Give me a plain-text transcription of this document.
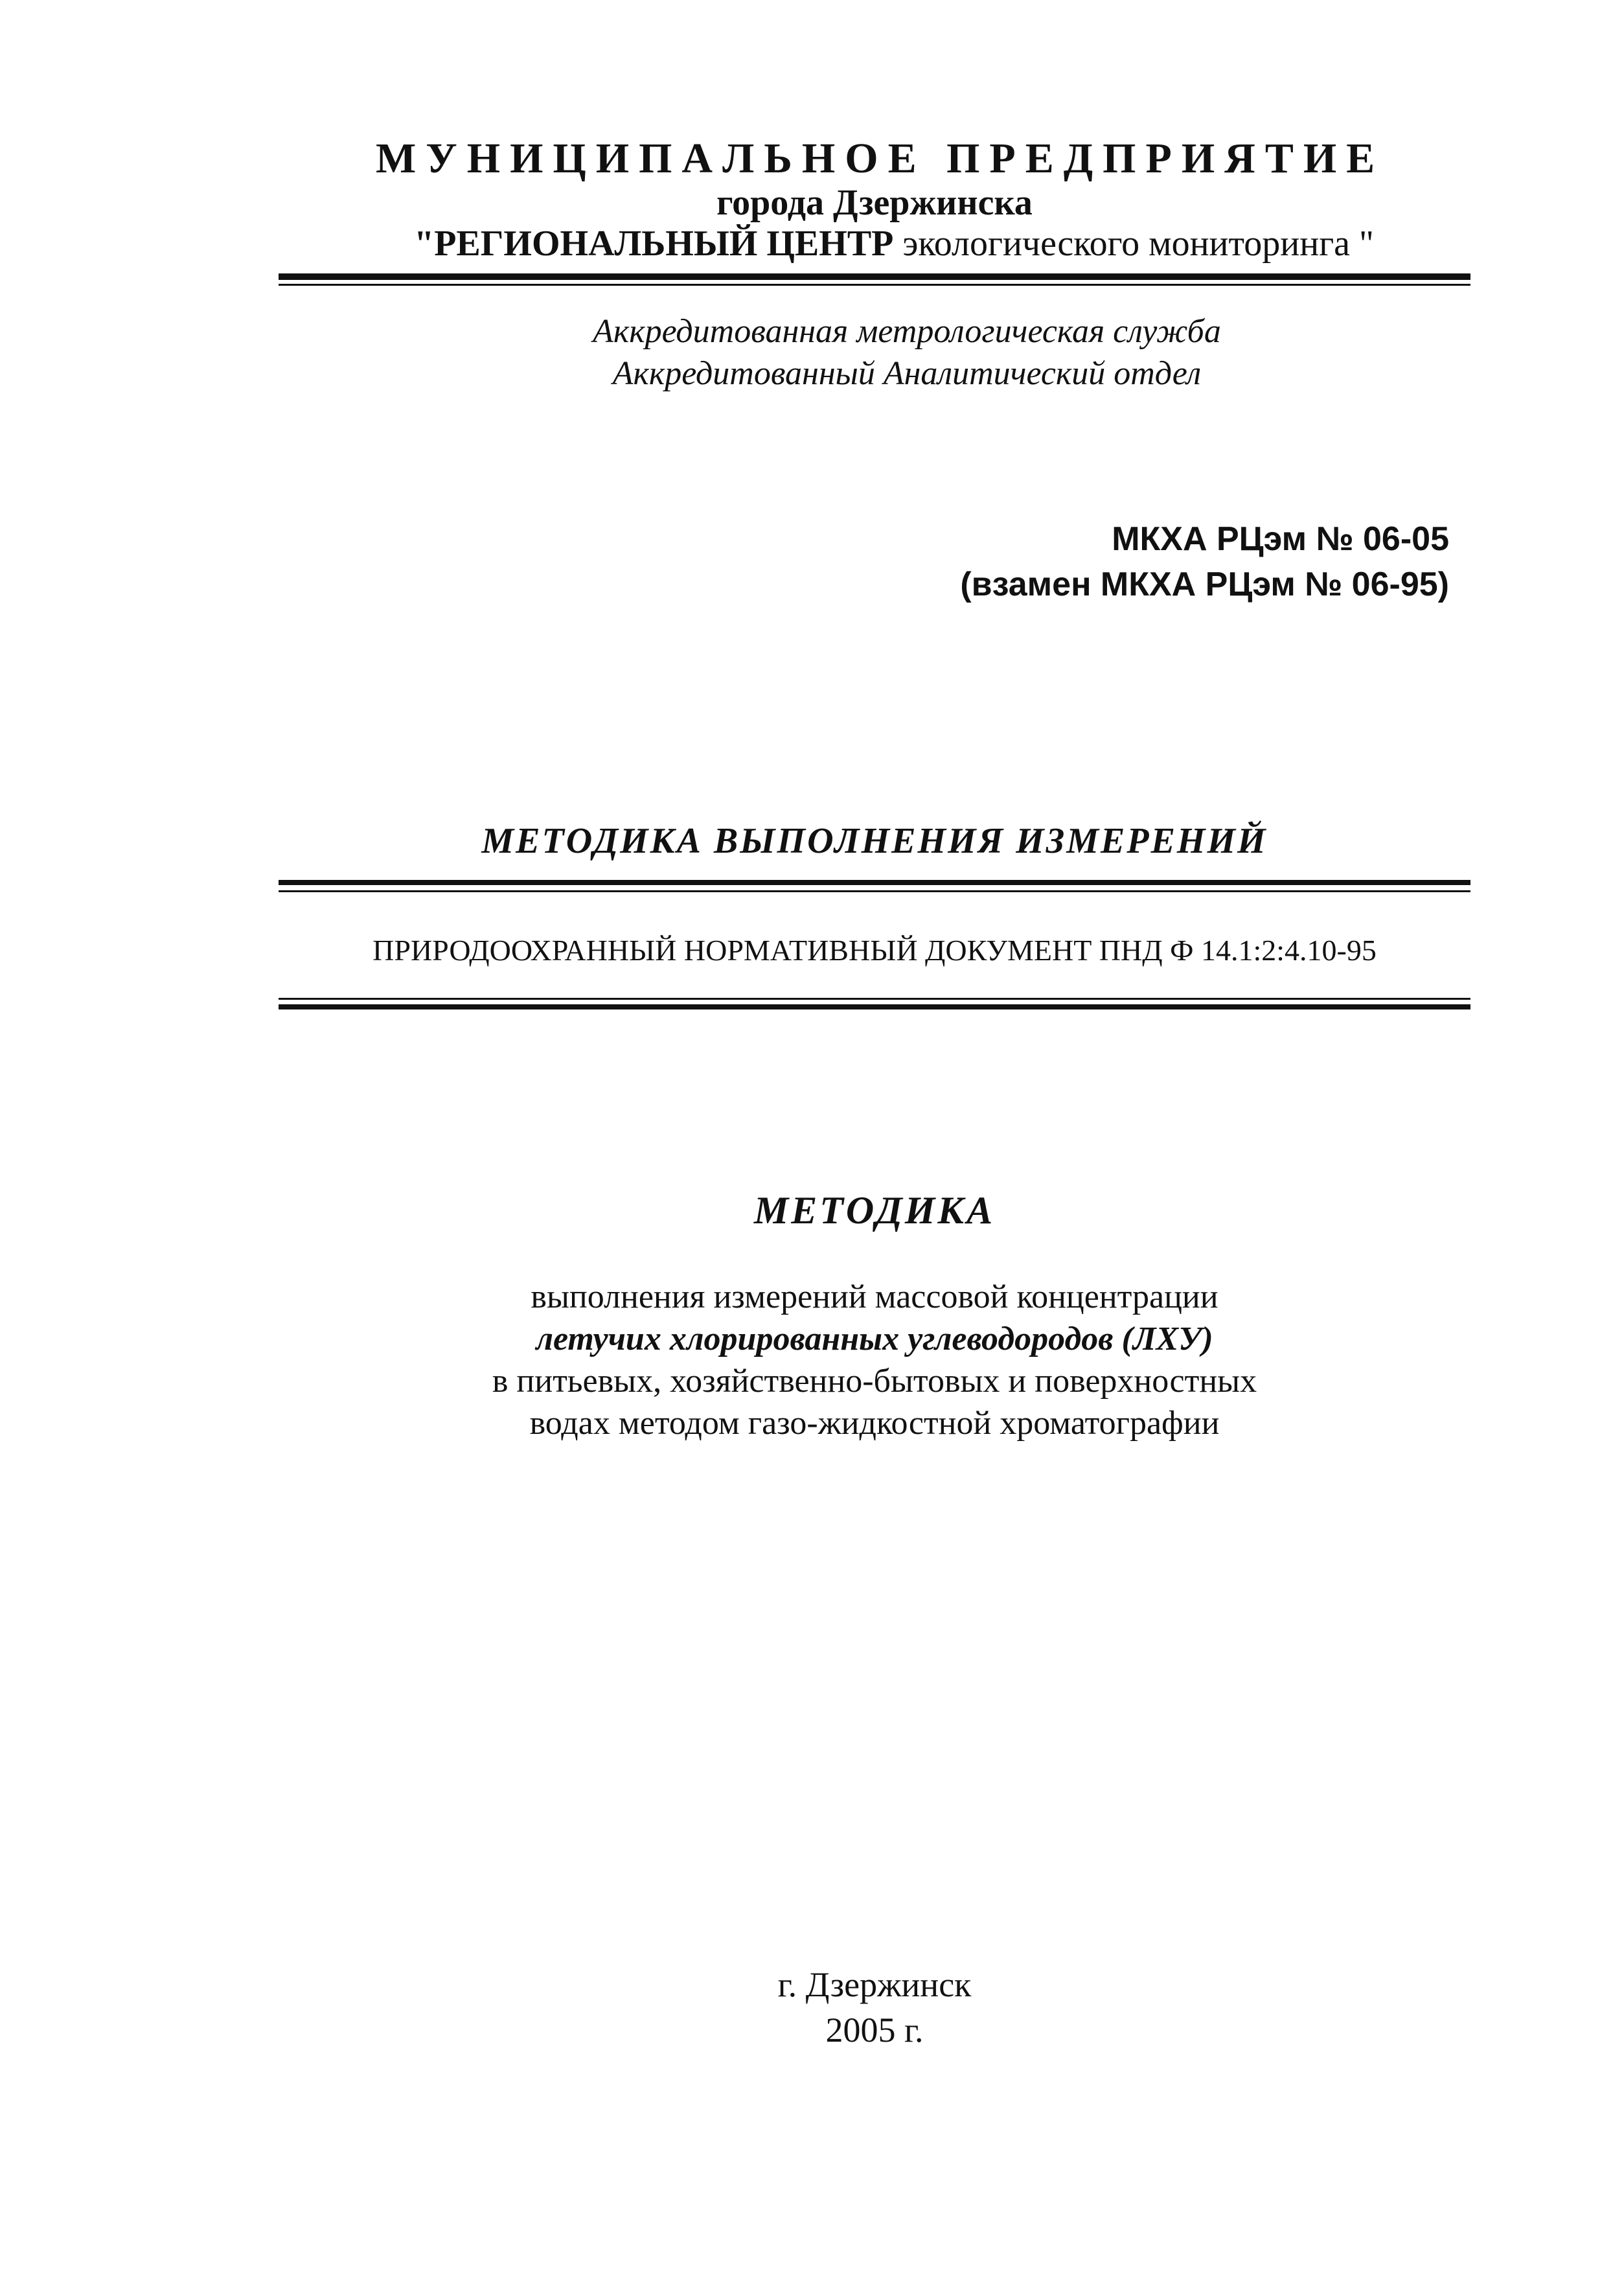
МУНИЦИПАЛЬНОЕ ПРЕДПРИЯТИЕ
города Дзержинска
"РЕГИОНАЛЬНЫЙ ЦЕНТР экологического мониторинга "
Аккредитованная метрологическая служба
Аккредитованный Аналитический отдел
МКХА РЦэм № 06-05
(взамен МКХА РЦэм № 06-95)
МЕТОДИКА ВЫПОЛНЕНИЯ ИЗМЕРЕНИЙ
ПРИРОДООХРАННЫЙ НОРМАТИВНЫЙ ДОКУМЕНТ ПНД Ф 14.1:2:4.10-95
МЕТОДИКА
выполнения измерений массовой концентрации
летучих хлорированных углеводородов (ЛХУ)
в питьевых, хозяйственно-бытовых и поверхностных
водах методом газо-жидкостной хроматографии
г. Дзержинск
2005 г.
